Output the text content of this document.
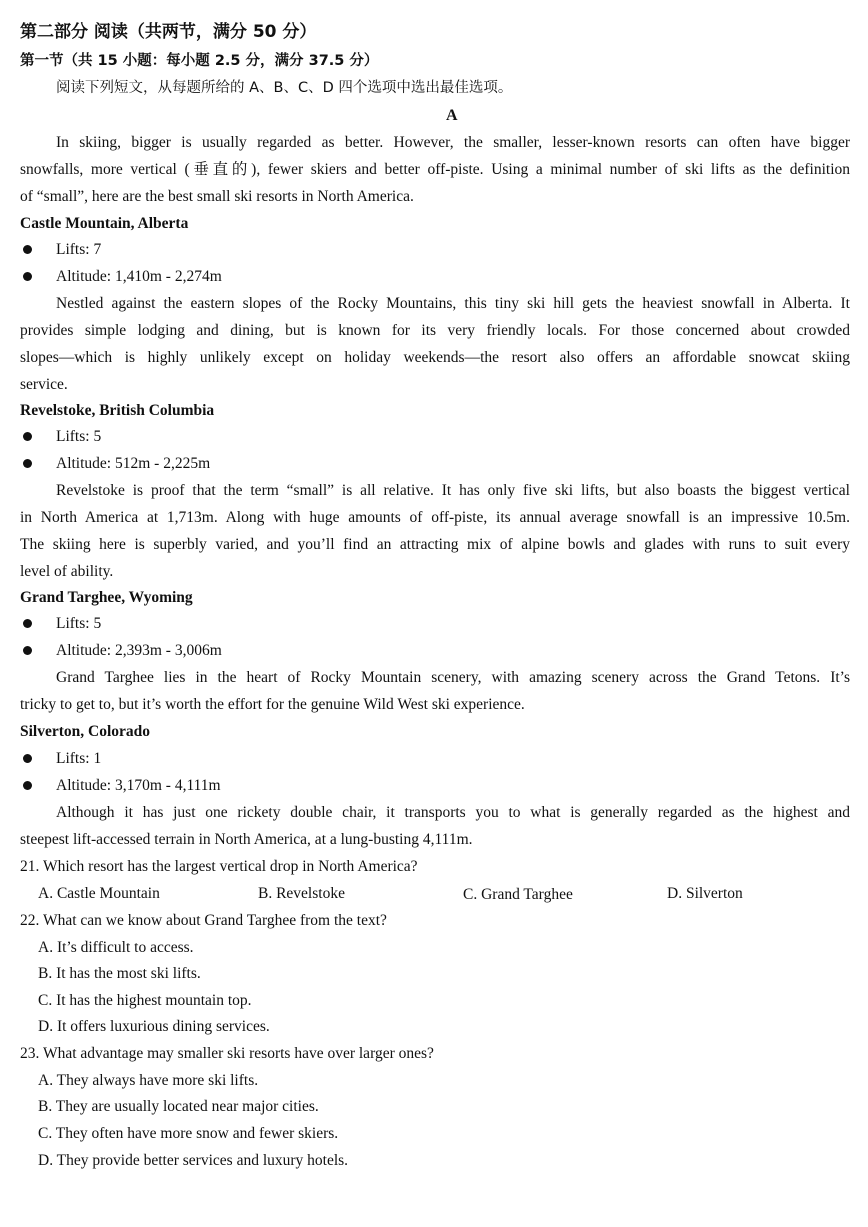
第二部分 阅读（共两节，满分 50 分）
第一节（共 15 小题：每小题 2.5 分，满分 37.5 分）
阅读下列短文，从每题所给的 A、B、C、D 四个选项中选出最佳选项。
A
In skiing, bigger is usually regarded as better. However, the smaller, lesser-known resorts can often have bigger
snowfalls, more vertical (垂直的), fewer skiers and better off-piste. Using a minimal number of ski lifts as the definition
of “small”, here are the best small ski resorts in North America.
Castle Mountain, Alberta
Lifts: 7
Altitude: 1,410m - 2,274m
Nestled against the eastern slopes of the Rocky Mountains, this tiny ski hill gets the heaviest snowfall in Alberta. It
provides simple lodging and dining, but is known for its very friendly locals. For those concerned about crowded
slopes—which is highly unlikely except on holiday weekends—the resort also offers an affordable snowcat skiing
service.
Revelstoke, British Columbia
Lifts: 5
Altitude: 512m - 2,225m
Revelstoke is proof that the term “small” is all relative. It has only five ski lifts, but also boasts the biggest vertical
in North America at 1,713m. Along with huge amounts of off-piste, its annual average snowfall is an impressive 10.5m.
The skiing here is superbly varied, and you’ll find an attracting mix of alpine bowls and glades with runs to suit every
level of ability.
Grand Targhee, Wyoming
Lifts: 5
Altitude: 2,393m - 3,006m
Grand Targhee lies in the heart of Rocky Mountain scenery, with amazing scenery across the Grand Tetons. It’s
tricky to get to, but it’s worth the effort for the genuine Wild West ski experience.
Silverton, Colorado
Lifts: 1
Altitude: 3,170m - 4,111m
Although it has just one rickety double chair, it transports you to what is generally regarded as the highest and
steepest lift-accessed terrain in North America, at a lung-busting 4,111m.
21. Which resort has the largest vertical drop in North America?
A. Castle Mountain	B. Revelstoke	C. Grand Targhee	D. Silverton
22. What can we know about Grand Targhee from the text?
A. It’s difficult to access.
B. It has the most ski lifts.
C. It has the highest mountain top.
D. It offers luxurious dining services.
23. What advantage may smaller ski resorts have over larger ones?
A. They always have more ski lifts.
B. They are usually located near major cities.
C. They often have more snow and fewer skiers.
D. They provide better services and luxury hotels.
